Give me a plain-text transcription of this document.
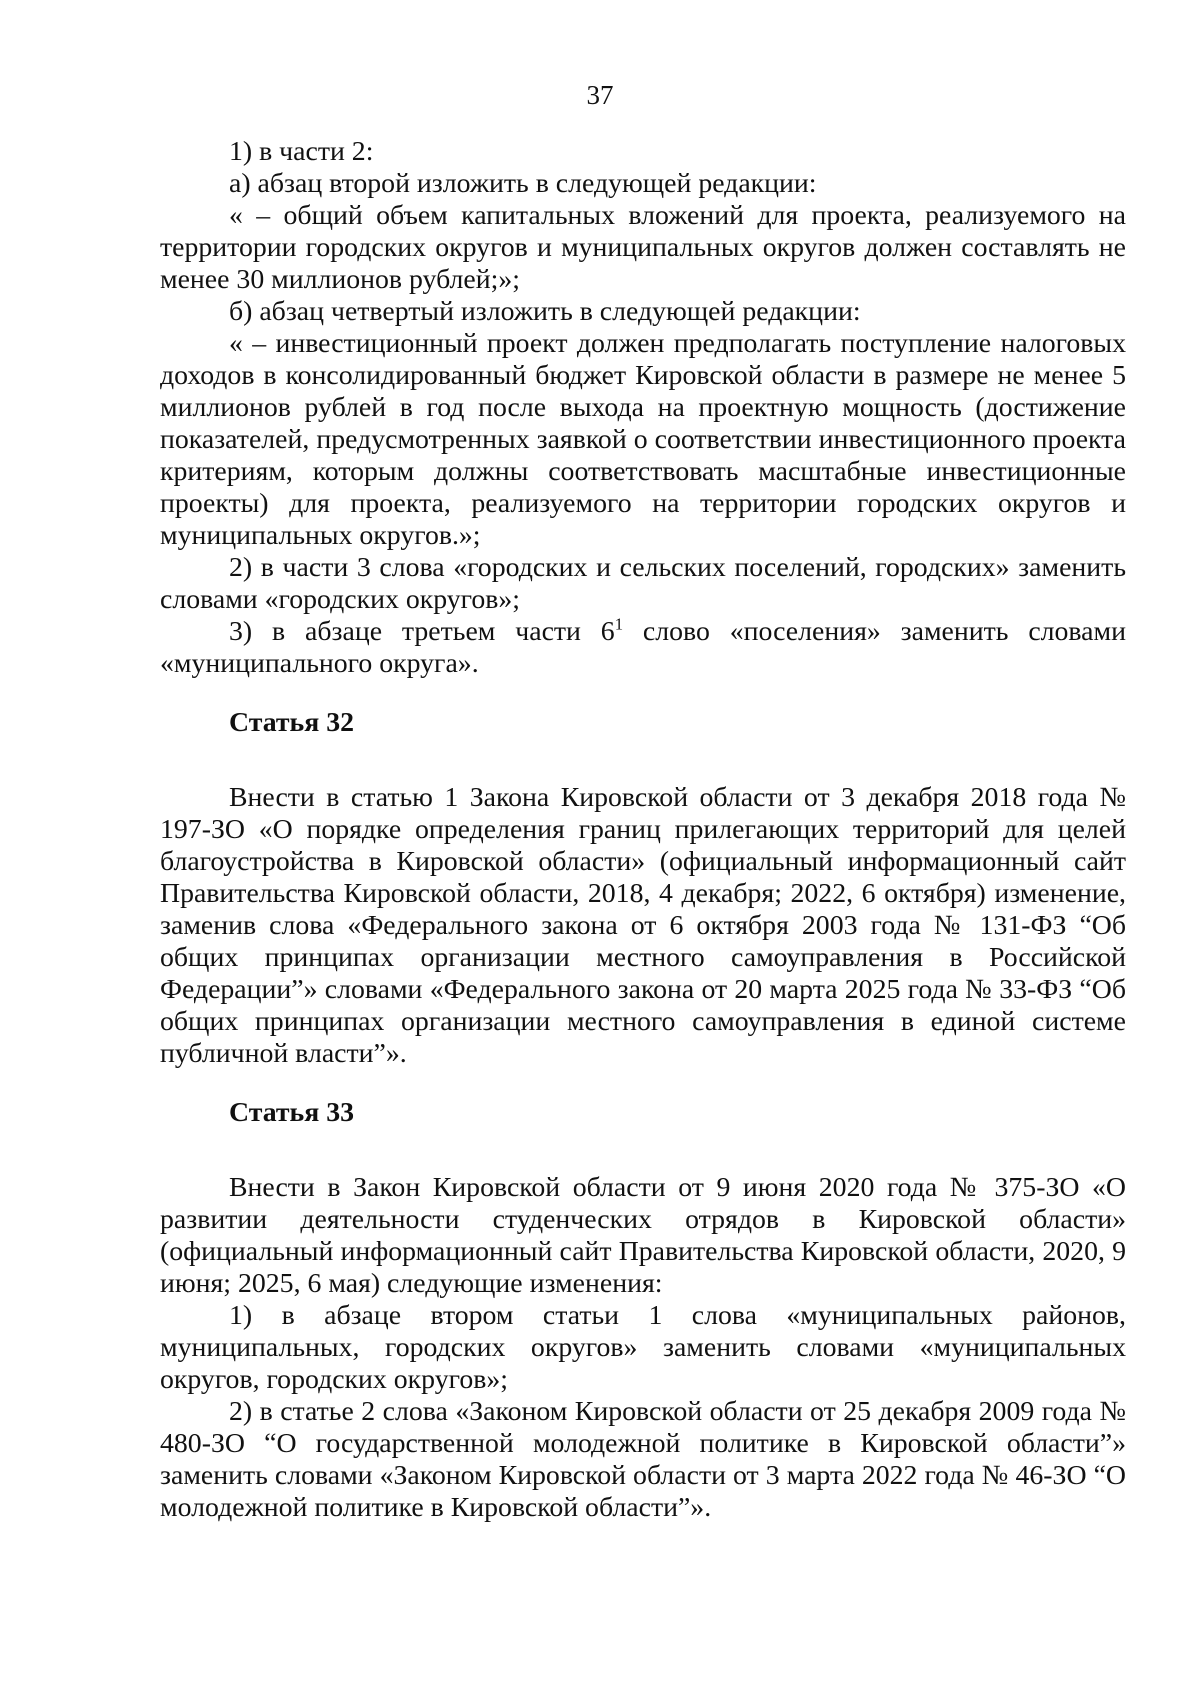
37

1) в части 2:

а) абзац второй изложить в следующей редакции:

« – общий объем капитальных вложений для проекта, реализуемого на территории городских округов и муниципальных округов должен составлять не менее 30 миллионов рублей;»;

б) абзац четвертый изложить в следующей редакции:

« – инвестиционный проект должен предполагать поступление налоговых доходов в консолидированный бюджет Кировской области в размере не менее 5 миллионов рублей в год после выхода на проектную мощность (достижение показателей, предусмотренных заявкой о соответствии инвестиционного проекта критериям, которым должны соответствовать масштабные инвестиционные проекты) для проекта, реализуемого на территории городских округов и муниципальных округов.»;

2) в части 3 слова «городских и сельских поселений, городских» заменить словами «городских округов»;

3) в абзаце третьем части $6^1$ слово «поселения» заменить словами «муниципального округа».

Статья 32

Внести в статью 1 Закона Кировской области от 3 декабря 2018 года № 197-ЗО «О порядке определения границ прилегающих территорий для целей благоустройства в Кировской области» (официальный информационный сайт Правительства Кировской области, 2018, 4 декабря; 2022, 6 октября) изменение, заменив слова «Федерального закона от 6 октября 2003 года № 131-ФЗ “Об общих принципах организации местного самоуправления в Российской Федерации”» словами «Федерального закона от 20 марта 2025 года № 33-ФЗ “Об общих принципах организации местного самоуправления в единой системе публичной власти”».

Статья 33

Внести в Закон Кировской области от 9 июня 2020 года № 375-ЗО «О развитии деятельности студенческих отрядов в Кировской области» (официальный информационный сайт Правительства Кировской области, 2020, 9 июня; 2025, 6 мая) следующие изменения:

1) в абзаце втором статьи 1 слова «муниципальных районов, муниципальных, городских округов» заменить словами «муниципальных округов, городских округов»;

2) в статье 2 слова «Законом Кировской области от 25 декабря 2009 года № 480-ЗО “О государственной молодежной политике в Кировской области”» заменить словами «Законом Кировской области от 3 марта 2022 года № 46-ЗО “О молодежной политике в Кировской области”».
